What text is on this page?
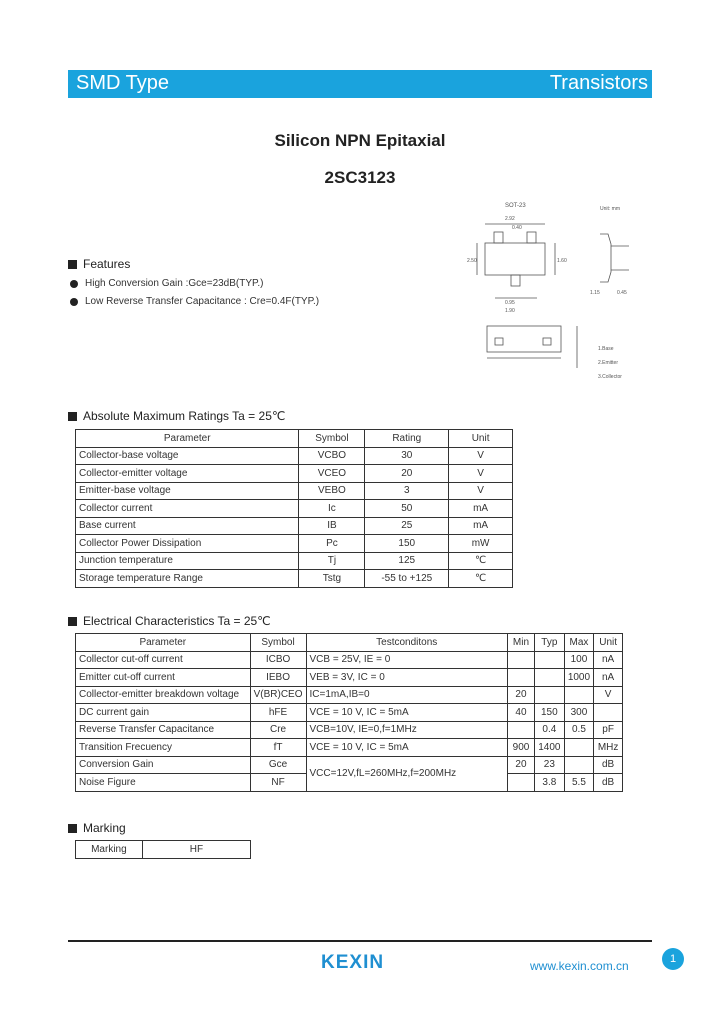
SMD Type	Transistors
Silicon NPN Epitaxial
2SC3123
SOT-23	Unit: mm
2.92
0.40
2.50	1.60
0.95
1.90
0.45
1.15
1.Base
2.Emitter
3.Collector
Features
High Conversion Gain :Gce=23dB(TYP.)
Low Reverse Transfer Capacitance : Cre=0.4F(TYP.)
Absolute Maximum Ratings Ta = 25℃
Parameter	Symbol	Rating	Unit
Collector-base voltage	VCBO	30	V
Collector-emitter voltage	VCEO	20	V
Emitter-base voltage	VEBO	3	V
Collector current	Ic	50	mA
Base current	IB	25	mA
Collector Power Dissipation	Pc	150	mW
Junction temperature	Tj	125	℃
Storage temperature Range	Tstg	-55 to +125	℃
Electrical Characteristics Ta = 25℃
Parameter	Symbol	Testconditons	Min	Typ	Max	Unit
Collector cut-off current	ICBO	VCB = 25V, IE = 0			100	nA
Emitter cut-off current	IEBO	VEB = 3V, IC = 0			1000	nA
Collector-emitter breakdown voltage	V(BR)CEO	IC=1mA,IB=0	20			V
DC current gain	hFE	VCE = 10 V, IC = 5mA	40	150	300	
Reverse Transfer Capacitance	Cre	VCB=10V, IE=0,f=1MHz		0.4	0.5	pF
Transition Frecuency	fT	VCE = 10 V, IC = 5mA	900	1400		MHz
Conversion Gain	Gce	VCC=12V,fL=260MHz,f=200MHz	20	23		dB
Noise Figure	NF			3.8	5.5	dB
Marking
Marking	HF
KEXIN	www.kexin.com.cn	1
